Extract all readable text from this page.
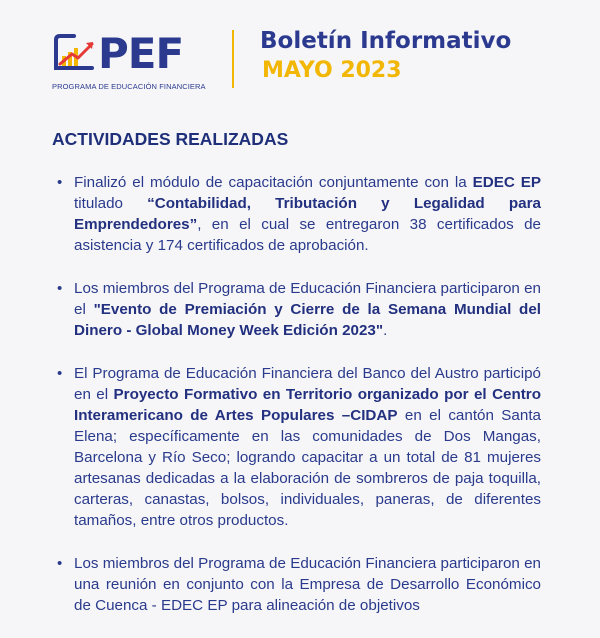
PEF
PROGRAMA DE EDUCACIÓN FINANCIERA
Boletín Informativo
MAYO 2023
ACTIVIDADES REALIZADAS
• Finalizó el módulo de capacitación conjuntamente con la EDEC EP titulado “Contabilidad, Tributación y Legalidad para Emprendedores”, en el cual se entregaron 38 certificados de asistencia y 174 certificados de aprobación.
• Los miembros del Programa de Educación Financiera participaron en el "Evento de Premiación y Cierre de la Semana Mundial del Dinero - Global Money Week Edición 2023".
• El Programa de Educación Financiera del Banco del Austro participó en el Proyecto Formativo en Territorio organizado por el Centro Interamericano de Artes Populares –CIDAP en el cantón Santa Elena; específicamente en las comunidades de Dos Mangas, Barcelona y Río Seco; logrando capacitar a un total de 81 mujeres artesanas dedicadas a la elaboración de sombreros de paja toquilla, carteras, canastas, bolsos, individuales, paneras, de diferentes tamaños, entre otros productos.
• Los miembros del Programa de Educación Financiera participaron en una reunión en conjunto con la Empresa de Desarrollo Económico de Cuenca - EDEC EP para alineación de objetivos
